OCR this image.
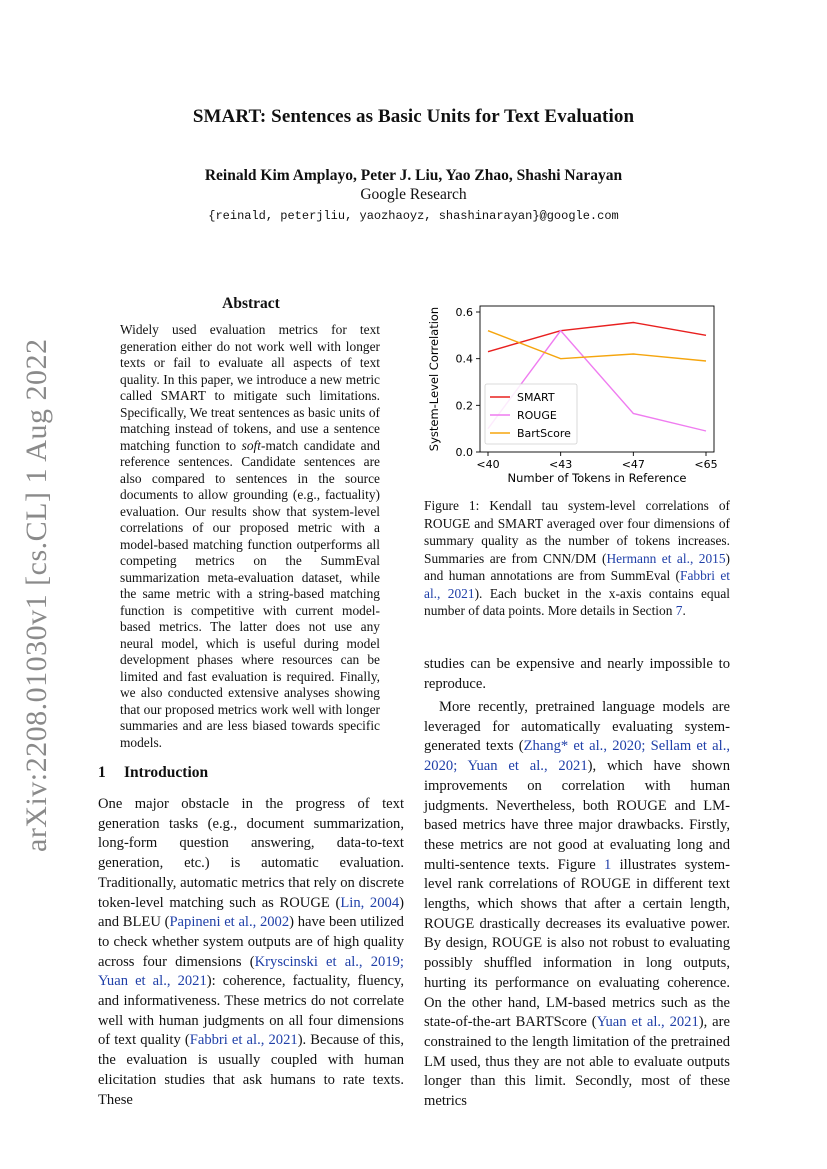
arXiv:2208.01030v1 [cs.CL] 1 Aug 2022
SMART: Sentences as Basic Units for Text Evaluation
Reinald Kim Amplayo, Peter J. Liu, Yao Zhao, Shashi Narayan
Google Research
{reinald, peterjliu, yaozhaoyz, shashinarayan}@google.com
Abstract
Widely used evaluation metrics for text generation either do not work well with longer texts or fail to evaluate all aspects of text quality. In this paper, we introduce a new metric called SMART to mitigate such limitations. Specifically, We treat sentences as basic units of matching instead of tokens, and use a sentence matching function to soft-match candidate and reference sentences. Candidate sentences are also compared to sentences in the source documents to allow grounding (e.g., factuality) evaluation. Our results show that system-level correlations of our proposed metric with a model-based matching function outperforms all competing metrics on the SummEval summarization meta-evaluation dataset, while the same metric with a string-based matching function is competitive with current model-based metrics. The latter does not use any neural model, which is useful during model development phases where resources can be limited and fast evaluation is required. Finally, we also conducted extensive analyses showing that our proposed metrics work well with longer summaries and are less biased towards specific models.
1 Introduction

One major obstacle in the progress of text generation tasks (e.g., document summarization, long-form question answering, data-to-text generation, etc.) is automatic evaluation. Traditionally, automatic metrics that rely on discrete token-level matching such as ROUGE (Lin, 2004) and BLEU (Papineni et al., 2002) have been utilized to check whether system outputs are of high quality across four dimensions (Kryscinski et al., 2019; Yuan et al., 2021): coherence, factuality, fluency, and informativeness. These metrics do not correlate well with human judgments on all four dimensions of text quality (Fabbri et al., 2021). Because of this, the evaluation is usually coupled with human elicitation studies that ask humans to rate texts. These

0.0
0.2
0.4
0.6
<40	<43	<47	<65
Number of Tokens in Reference
System-Level Correlation	SMART
ROUGE
BartScore
Figure 1: Kendall tau system-level correlations of ROUGE and SMART averaged over four dimensions of summary quality as the number of tokens increases. Summaries are from CNN/DM (Hermann et al., 2015) and human annotations are from SummEval (Fabbri et al., 2021). Each bucket in the x-axis contains equal number of data points. More details in Section 7.

studies can be expensive and nearly impossible to reproduce.

More recently, pretrained language models are leveraged for automatically evaluating system-generated texts (Zhang* et al., 2020; Sellam et al., 2020; Yuan et al., 2021), which have shown improvements on correlation with human judgments. Nevertheless, both ROUGE and LM-based metrics have three major drawbacks. Firstly, these metrics are not good at evaluating long and multi-sentence texts. Figure 1 illustrates system-level rank correlations of ROUGE in different text lengths, which shows that after a certain length, ROUGE drastically decreases its evaluative power. By design, ROUGE is also not robust to evaluating possibly shuffled information in long outputs, hurting its performance on evaluating coherence. On the other hand, LM-based metrics such as the state-of-the-art BARTScore (Yuan et al., 2021), are constrained to the length limitation of the pretrained LM used, thus they are not able to evaluate outputs longer than this limit. Secondly, most of these metrics
